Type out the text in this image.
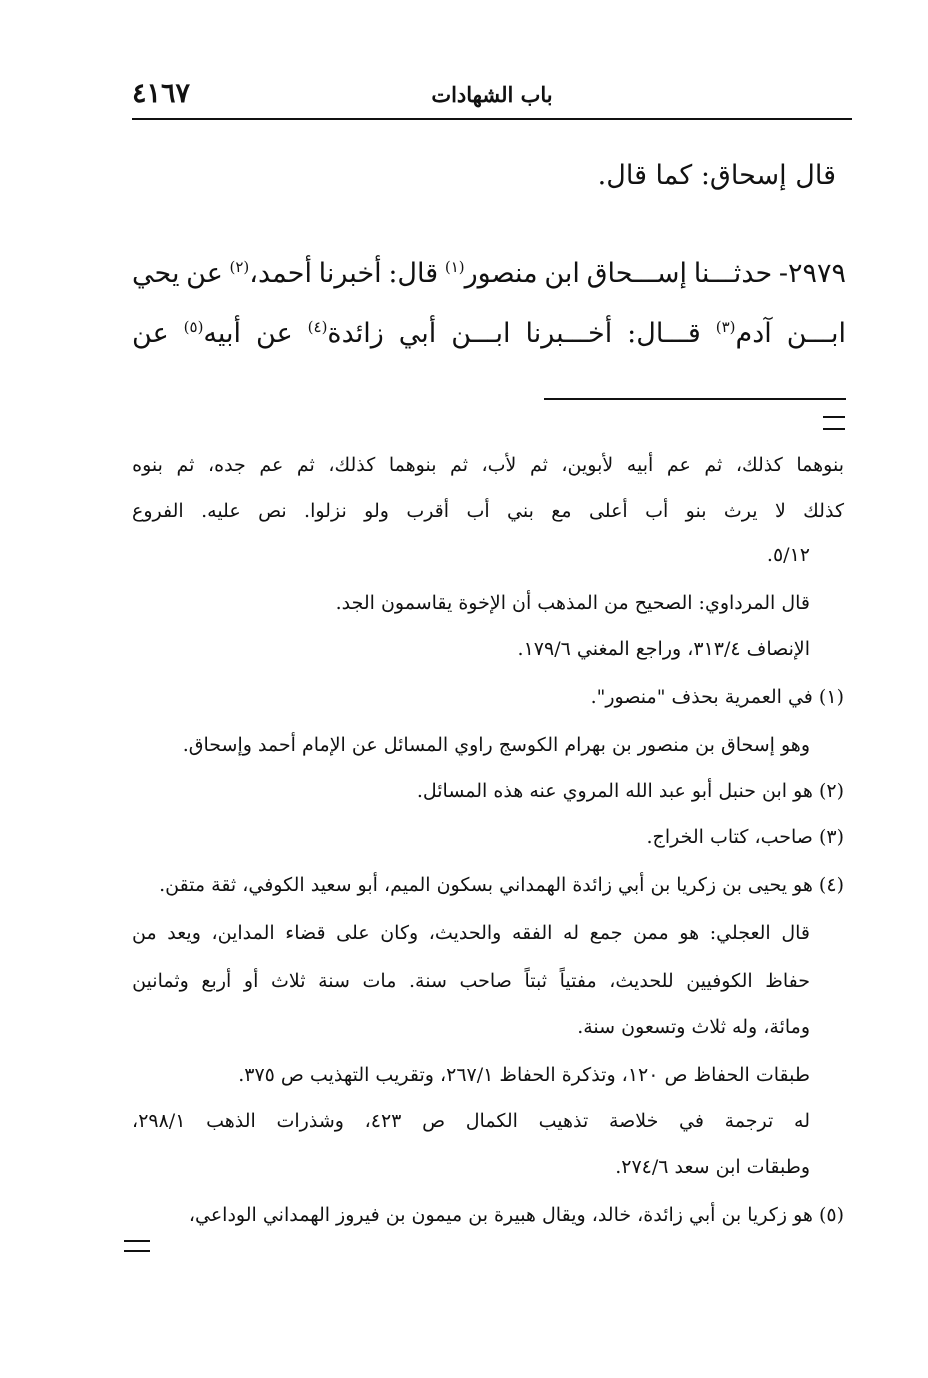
٤١٦٧	باب الشهادات
قال إسحاق: كما قال.
٢٩٧٩-
حدثـــنا
إســـحاق
ابن
منصور$^{(١)}$
قال:
أخبرنا
أحمد،$^{(٢)}$
عن
يحي
ابـــن
آدم$^{(٣)}$
قـــال:
أخـــبرنا
ابـــن
أبي
زائدة$^{(٤)}$
عن
أبيه$^{(٥)}$
عن
بنوهما
كذلك،
ثم
عم
أبيه
لأبوين،
ثم
لأب،
ثم
بنوهما
كذلك،
ثم
عم
جده،
ثم
بنوه
كذلك
لا
يرث
بنو
أب
أعلى
مع
بني
أب
أقرب
ولو
نزلوا.
نص
عليه.
الفروع
٥/١٢.
قال المرداوي: الصحيح من المذهب أن الإخوة يقاسمون الجد.
الإنصاف ٣١٣/٤، وراجع المغني ١٧٩/٦.
(١) في العمرية بحذف "منصور".
وهو إسحاق بن منصور بن بهرام الكوسج راوي المسائل عن الإمام أحمد وإسحاق.
(٢) هو ابن حنبل أبو عبد الله المروي عنه هذه المسائل.
(٣) صاحب، كتاب الخراج.
(٤) هو يحيى بن زكريا بن أبي زائدة الهمداني بسكون الميم، أبو سعيد الكوفي، ثقة متقن.
قال
العجلي:
هو
ممن
جمع
له
الفقه
والحديث،
وكان
على
قضاء
المداين،
ويعد
من
حفاظ
الكوفيين
للحديث،
مفتياً
ثبتاً
صاحب
سنة.
مات
سنة
ثلاث
أو
أربع
وثمانين
ومائة، وله ثلاث وتسعون سنة.
طبقات الحفاظ ص ١٢٠، وتذكرة الحفاظ ٢٦٧/١، وتقريب التهذيب ص ٣٧٥.
له
ترجمة
في
خلاصة
تذهيب
الكمال
ص
٤٢٣،
وشذرات
الذهب
٢٩٨/١،
وطبقات ابن سعد ٢٧٤/٦.
(٥) هو زكريا بن أبي زائدة، خالد، ويقال هبيرة بن ميمون بن فيروز الهمداني الوداعي،
